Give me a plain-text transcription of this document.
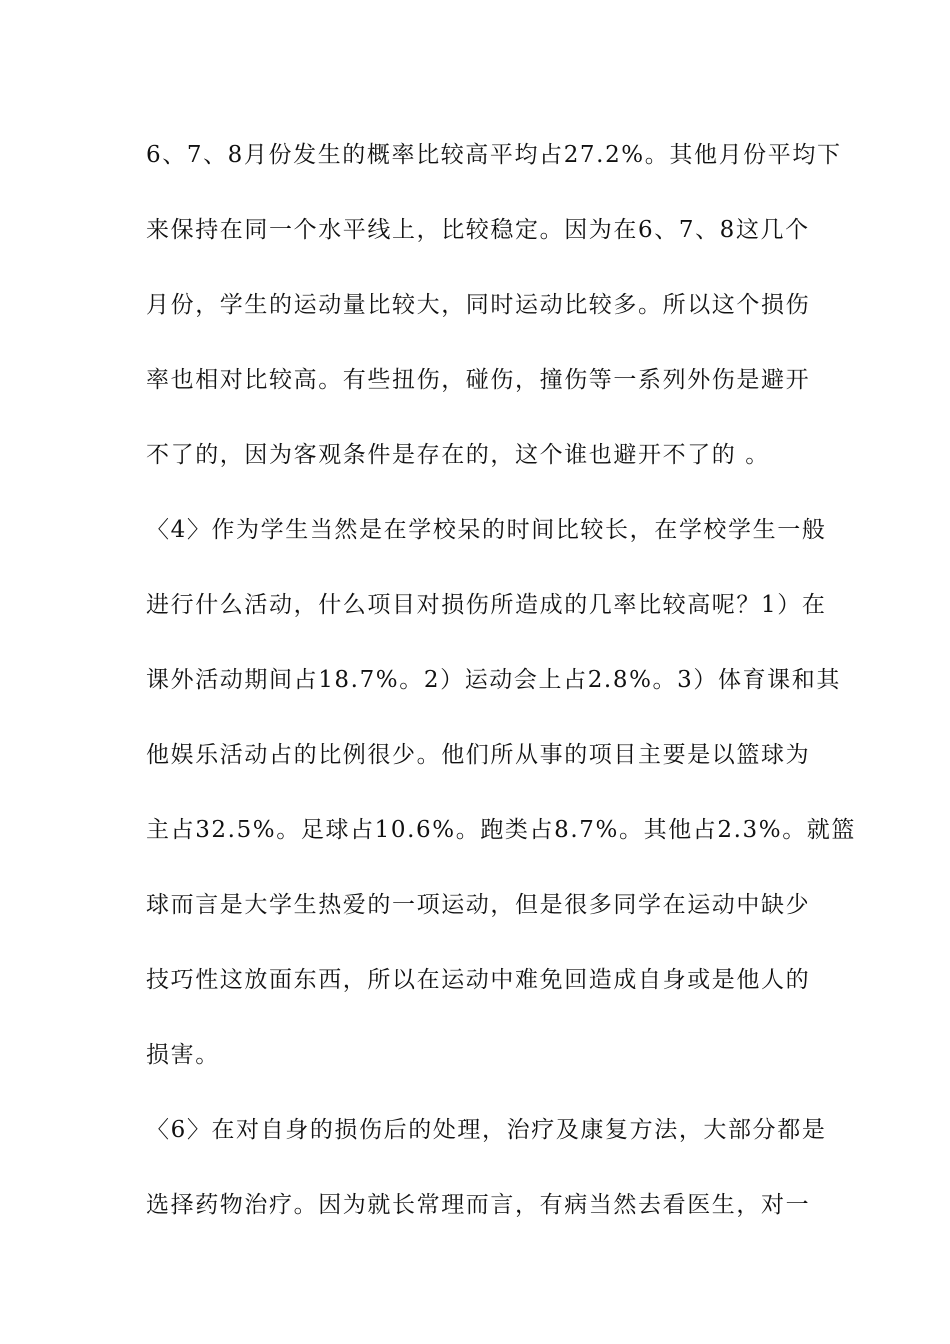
6、7、8月份发生的概率比较高平均占27.2%。其他月份平均下
来保持在同一个水平线上，比较稳定。因为在6、7、8这几个
月份，学生的运动量比较大，同时运动比较多。所以这个损伤
率也相对比较高。有些扭伤，碰伤，撞伤等一系列外伤是避开
不了的，因为客观条件是存在的，这个谁也避开不了的 。
〈4〉作为学生当然是在学校呆的时间比较长，在学校学生一般
进行什么活动，什么项目对损伤所造成的几率比较高呢？1）在
课外活动期间占18.7%。2）运动会上占2.8%。3）体育课和其
他娱乐活动占的比例很少。他们所从事的项目主要是以篮球为
主占32.5%。足球占10.6%。跑类占8.7%。其他占2.3%。就篮
球而言是大学生热爱的一项运动，但是很多同学在运动中缺少
技巧性这放面东西，所以在运动中难免回造成自身或是他人的
损害。
〈6〉在对自身的损伤后的处理，治疗及康复方法，大部分都是
选择药物治疗。因为就长常理而言，有病当然去看医生，对一
